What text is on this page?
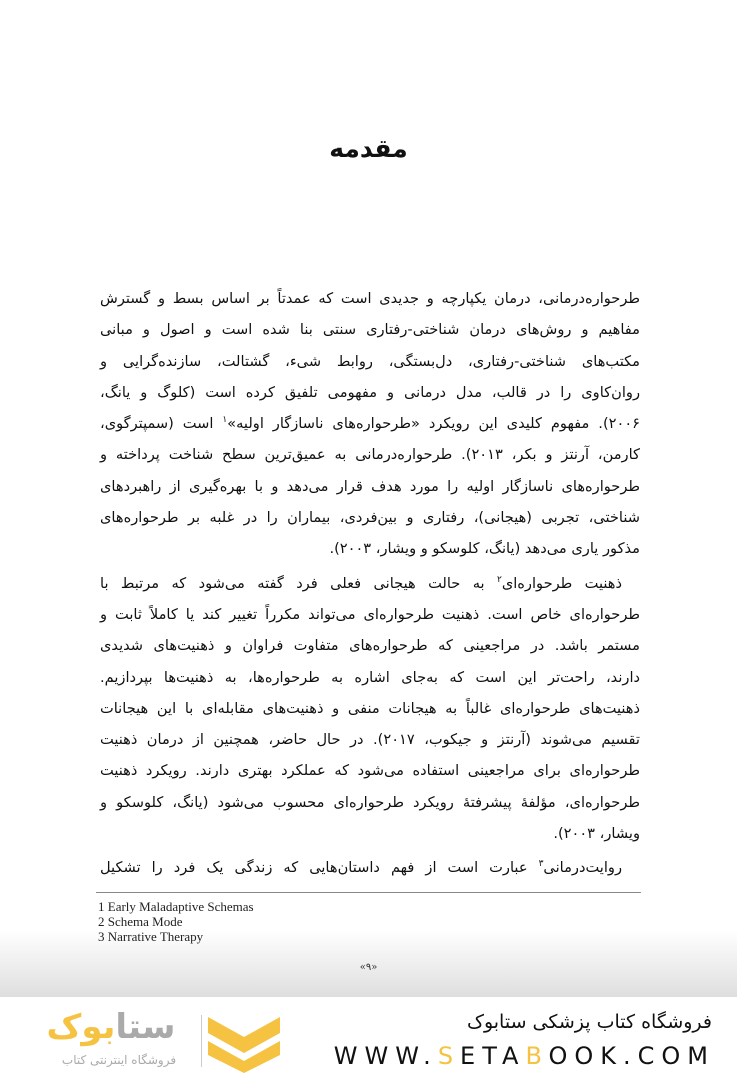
مقدمه
طرحواره‌درمانی، درمان یکپارچه و جدیدی است که عمدتاً بر اساس بسط و گسترش
مفاهیم و روش‌های درمان شناختی-رفتاری سنتی بنا شده است و اصول و مبانی
مکتب‌های شناختی-رفتاری، دل‌بستگی، روابط شیء، گشتالت، سازنده‌گرایی و
روان‌کاوی را در قالب، مدل درمانی و مفهومی تلفیق کرده است (کلوگ و یانگ،
۲۰۰۶). مفهوم کلیدی این رویکرد «طرحواره‌های ناسازگار اولیه»$^۱$ است (سمپترگوی،
کارمن، آرنتز و بکر، ۲۰۱۳). طرحواره‌درمانی به عمیق‌ترین سطح شناخت پرداخته و
طرحواره‌های ناسازگار اولیه را مورد هدف قرار می‌دهد و با بهره‌گیری از راهبردهای
شناختی، تجربی (هیجانی)، رفتاری و بین‌فردی، بیماران را در غلبه بر طرحواره‌های
مذکور یاری می‌دهد (یانگ، کلوسکو و ویشار، ۲۰۰۳).
ذهنیت طرحواره‌ای$^۲$ به حالت هیجانی فعلی فرد گفته می‌شود که مرتبط با
طرحواره‌ای خاص است. ذهنیت طرحواره‌ای می‌تواند مکرراً تغییر کند یا کاملاً ثابت و
مستمر باشد. در مراجعینی که طرحواره‌های متفاوت فراوان و ذهنیت‌های شدیدی
دارند، راحت‌تر این است که به‌جای اشاره به طرحواره‌ها، به ذهنیت‌ها بپردازیم.
ذهنیت‌های طرحواره‌ای غالباً به هیجانات منفی و ذهنیت‌های مقابله‌ای با این هیجانات
تقسیم می‌شوند (آرنتز و جیکوب، ۲۰۱۷). در حال حاضر، همچنین از درمان ذهنیت
طرحواره‌ای برای مراجعینی استفاده می‌شود که عملکرد بهتری دارند. رویکرد ذهنیت
طرحواره‌ای، مؤلفهٔ پیشرفتهٔ رویکرد طرحواره‌ای محسوب می‌شود (یانگ، کلوسکو و
ویشار، ۲۰۰۳).
روایت‌درمانی$^۳$ عبارت است از فهم داستان‌هایی که زندگی یک فرد را تشکیل
1 Early Maladaptive Schemas
2 Schema Mode
3 Narrative Therapy
«۹»
ستابوک
فروشگاه اینترنتی کتاب
فروشگاه کتاب پزشکی ستابوک
WWW.SETABOOK.COM
